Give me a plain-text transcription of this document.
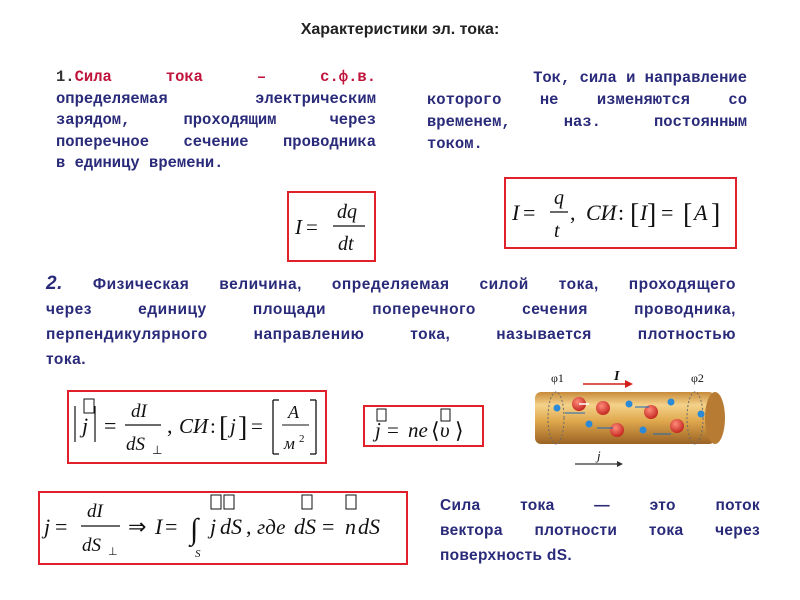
Характеристики эл. тока:
1.Сила тока – с.ф.в.
определяемая электрическим
зарядом, проходящим через
поперечное сечение проводника
в единицу времени.
Ток, сила и направление
которого не изменяются со
временем, наз. постоянным
током.
I =
dq
dt
I =
q
t
, СИ : [ I ] = [ A ]
2. Физическая величина, определяемая силой тока, проходящего
через единицу площади поперечного сечения проводника,
перпендикулярного направлению тока, называется плотностью
тока.
j =
dI
dS ⊥
, СИ : [ j ] =
A
м 2	j = ne ⟨ υ ⟩
φ1	φ2
I
j
j =
dI
dS ⊥
⇒ I = ∫
S
j dS , где dS = n dS
Сила тока — это поток
вектора плотности тока через
поверхность dS.
